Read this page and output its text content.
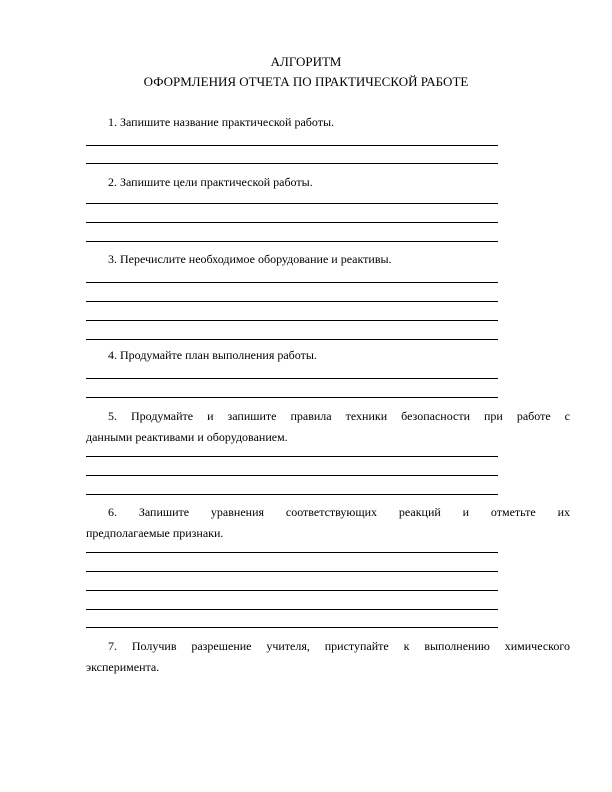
АЛГОРИТМ
ОФОРМЛЕНИЯ ОТЧЕТА ПО ПРАКТИЧЕСКОЙ РАБОТЕ
1. Запишите название практической работы.
2. Запишите цели практической работы.
3. Перечислите необходимое оборудование и реактивы.
4. Продумайте план выполнения работы.
5. Продумайте и запишите правила техники безопасности при работе с
данными реактивами и оборудованием.
6. Запишите уравнения соответствующих реакций и отметьте их
предполагаемые признаки.
7. Получив разрешение учителя, приступайте к выполнению химического
эксперимента.
